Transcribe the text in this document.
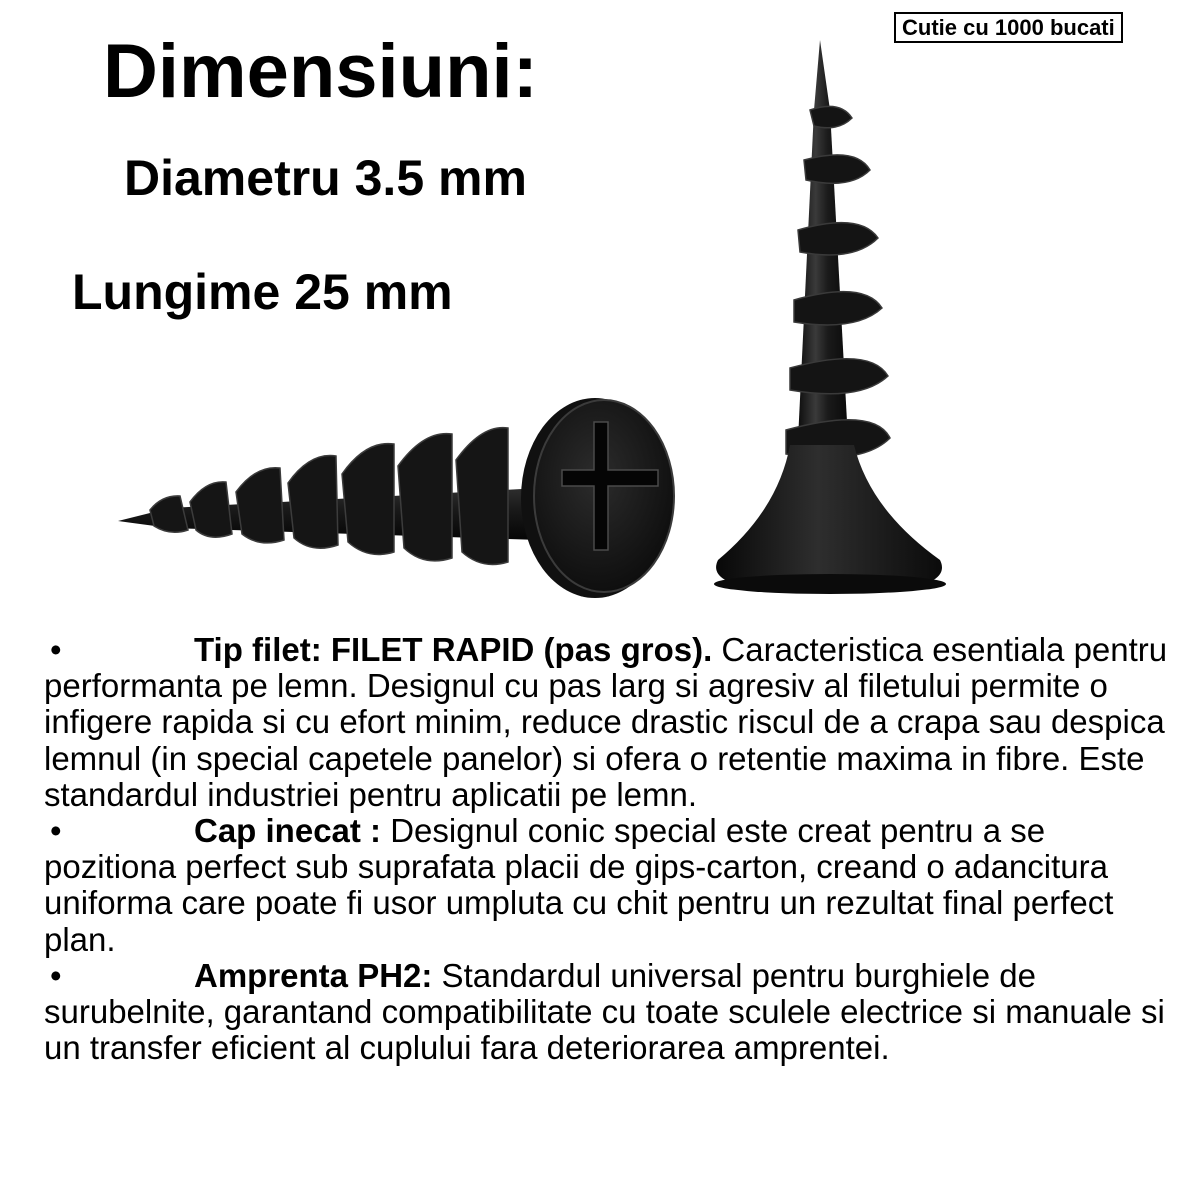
Cutie cu 1000 bucati
Dimensiuni:
Diametru 3.5 mm
Lungime 25 mm
•	Tip filet: FILET RAPID (pas gros). Caracteristica esentiala pentru performanta pe lemn. Designul cu pas larg si agresiv al filetului permite o infigere rapida si cu efort minim, reduce drastic riscul de a crapa sau despica lemnul (in special capetele panelor) si ofera o retentie maxima in fibre. Este standardul industriei pentru aplicatii pe lemn.
•	Cap inecat : Designul conic special este creat pentru a se pozitiona perfect sub suprafata placii de gips-carton, creand o adancitura uniforma care poate fi usor umpluta cu chit pentru un rezultat final perfect plan.
•	Amprenta PH2: Standardul universal pentru burghiele de surubelnite, garantand compatibilitate cu toate sculele electrice si manuale si un transfer eficient al cuplului fara deteriorarea amprentei.
